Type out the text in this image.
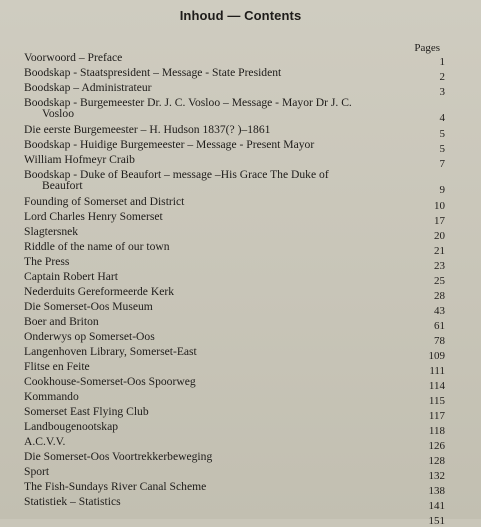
Inhoud — Contents
Pages
Voorwoord – Preface	1
Boodskap - Staatspresident – Message - State President	2
Boodskap – Administrateur	3
Boodskap - Burgemeester Dr. J. C. Vosloo – Message - Mayor Dr J. C.
Vosloo	4
Die eerste Burgemeester – H. Hudson 1837(? )–1861	5
Boodskap - Huidige Burgemeester – Message - Present Mayor	5
William Hofmeyr Craib	7
Boodskap - Duke of Beaufort – message –His Grace The Duke of
Beaufort	9
Founding of Somerset and District	10
Lord Charles Henry Somerset	17
Slagtersnek	20
Riddle of the name of our town	21
The Press	23
Captain Robert Hart	25
Nederduits Gereformeerde Kerk	28
Die Somerset-Oos Museum	43
Boer and Briton	61
Onderwys op Somerset-Oos	78
Langenhoven Library, Somerset-East	109
Flitse en Feite	111
Cookhouse-Somerset-Oos Spoorweg	114
Kommando	115
Somerset East Flying Club	117
Landbougenootskap	118
A.C.V.V.	126
Die Somerset-Oos Voortrekkerbeweging	128
Sport	132
The Fish-Sundays River Canal Scheme	138
Statistiek – Statistics	141
151
